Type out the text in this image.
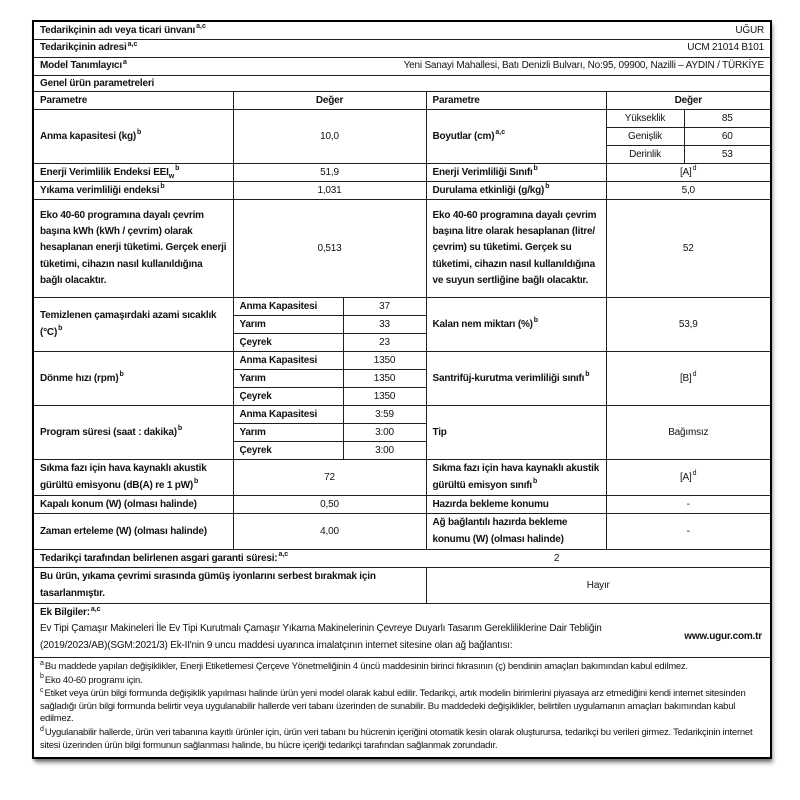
Tedarikçinin adı veya ticari ünvanı$^{a,c}$ UĞUR					

Tedarikçinin adresi$^{a,c}$ UCM 21014 B101					

Model Tanımlayıcı$^a$ Yeni Sanayi Mahallesi, Batı Denizli Bulvarı, No:95, 09900, Nazilli – AYDIN / TÜRKİYE					

Genel ürün parametreleri					
Parametre	Değer		Parametre	Değer	
Anma kapasitesi (kg)$^b$	10,0		Boyutlar (cm)$^{a,c}$	Yükseklik	85
				Genişlik	60
				Derinlik	53
Enerji Verimlilik Endeksi $EEI_w^b$	51,9		Enerji Verimliliği Sınıfı$^b$	$[A]^d$
Yıkama verimliliği endeksi$^b$	1,031		Durulama etkinliği $(g/kg)^b$	5,0	
Eko 40-60 programına dayalı çevrim başına kWh (kWh / çevrim) olarak hesaplanan enerji tüketimi. Gerçek enerji tüketimi, cihazın nasıl kullanıldığına bağlı olacaktır.	0,513		Eko 40-60 programına dayalı çevrim başına litre olarak hesaplanan (litre/çevrim) su tüketimi. Gerçek su tüketimi, cihazın nasıl kullanıldığına ve suyun sertliğine bağlı olacaktır.	52	
Temizlenen çamaşırdaki azami sıcaklık $(^\circ C)^b$	Anma Kapasitesi	37	Kalan nem miktarı (%)$^b$	53,9	
	Yarım	33			
	Çeyrek	23			
Dönme hızı (rpm)$^b$	Anma Kapasitesi	1350	Santrifüj-kurutma verimliliği sınıfı$^b$	$[B]^d$
	Yarım	1350			
	Çeyrek	1350			
Program süresi (saat : dakika)$^b$	Anma Kapasitesi	3:59	Tip	Bağımsız	
	Yarım	3:00			
	Çeyrek	3:00			
Sıkma fazı için hava kaynaklı akustik gürültü emisyonu (dB(A) re 1 pW)$^b$	72		Sıkma fazı için hava kaynaklı akustik gürültü emisyon sınıfı$^b$	$[A]^d$
Kapalı konum (W) (olması halinde)	0,50		Hazırda bekleme konumu	-	
Zaman erteleme (W) (olması halinde)	4,00		Ağ bağlantılı hazırda bekleme konumu (W) (olması halinde)	-	
Tedarikçi tarafından belirlenen asgari garanti süresi:$^{a,c}$		2			
Bu ürün, yıkama çevrimi sırasında gümüş iyonlarını serbest bırakmak için tasarlanmıştır.			Hayır		

Ek Bilgiler:$^{a,c}$
Ev Tipi Çamaşır Makineleri İle Ev Tipi Kurutmalı Çamaşır Yıkama Makinelerinin Çevreye Duyarlı Tasarım Gerekliliklerine Dair Tebliğin (2019/2023/AB)(SGM:2021/3) Ek-II'nin 9 uncu maddesi uyarınca imalatçının internet sitesine olan ağ bağlantısı:
www.ugur.com.tr					

$^a$Bu maddede yapılan değişiklikler, Enerji Etiketlemesi Çerçeve Yönetmeliğinin 4 üncü maddesinin birinci fıkrasının (ç) bendinin amaçları bakımından kabul edilmez.
$^b$Eko 40-60 programı için.
$^c$Etiket veya ürün bilgi formunda değişiklik yapılması halinde ürün yeni model olarak kabul edilir. Tedarikçi, artık modelin birimlerini piyasaya arz etmediğini kendi internet sitesinden sağladığı ürün bilgi formunda belirtir veya uygulanabilir hallerde veri tabanı üzerinden de sunabilir. Bu maddedeki değişiklikler, belirtilen uygulamanın amaçları bakımından kabul edilmez.
$^d$Uygulanabilir hallerde, ürün veri tabanına kayıtlı ürünler için, ürün veri tabanı bu hücrenin içeriğini otomatik kesin olarak oluşturursa, tedarikçi bu verileri girmez. Tedarikçinin internet sitesi üzerinden ürün bilgi formunun sağlanması halinde, bu hücre içeriği tedarikçi tarafından sağlanmak zorundadır.					
